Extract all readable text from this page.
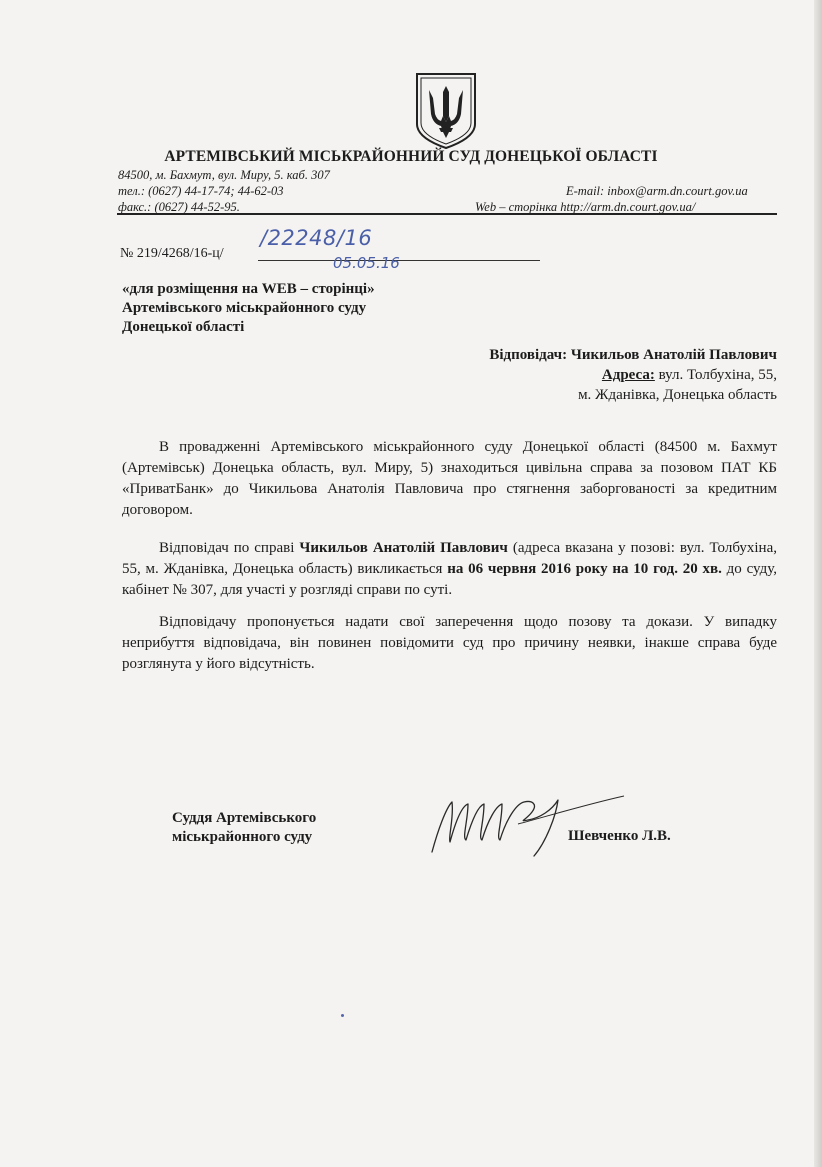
АРТЕМІВСЬКИЙ МІСЬКРАЙОННИЙ СУД ДОНЕЦЬКОЇ ОБЛАСТІ
84500, м. Бахмут, вул. Миру, 5. каб. 307
тел.: (0627) 44-17-74; 44-62-03
факс.: (0627) 44-52-95.
E-mail: inbox@arm.dn.court.gov.ua
Web – сторінка http://arm.dn.court.gov.ua/
№ 219/4268/16-ц/
/22248/16
05.05.16
«для розміщення на WEB – сторінці»
Артемівського міськрайонного суду
Донецької області
Відповідач: Чикильов Анатолій Павлович
Адреса: вул. Толбухіна, 55,
м. Жданівка, Донецька область
В провадженні Артемівського міськрайонного суду Донецької області (84500 м. Бахмут (Артемівськ) Донецька область, вул. Миру, 5) знаходиться цивільна справа за позовом ПАТ КБ «ПриватБанк» до Чикильова Анатолія Павловича про стягнення заборгованості за кредитним договором.
Відповідач по справі Чикильов Анатолій Павлович (адреса вказана у позові: вул. Толбухіна, 55, м. Жданівка, Донецька область) викликається на 06 червня 2016 року на 10 год. 20 хв. до суду, кабінет № 307, для участі у розгляді справи по суті.
Відповідачу пропонується надати свої заперечення щодо позову та докази. У випадку неприбуття відповідача, він повинен повідомити суд про причину неявки, інакше справа буде розглянута у його відсутність.
Суддя Артемівського
міськрайонного суду	Шевченко Л.В.
